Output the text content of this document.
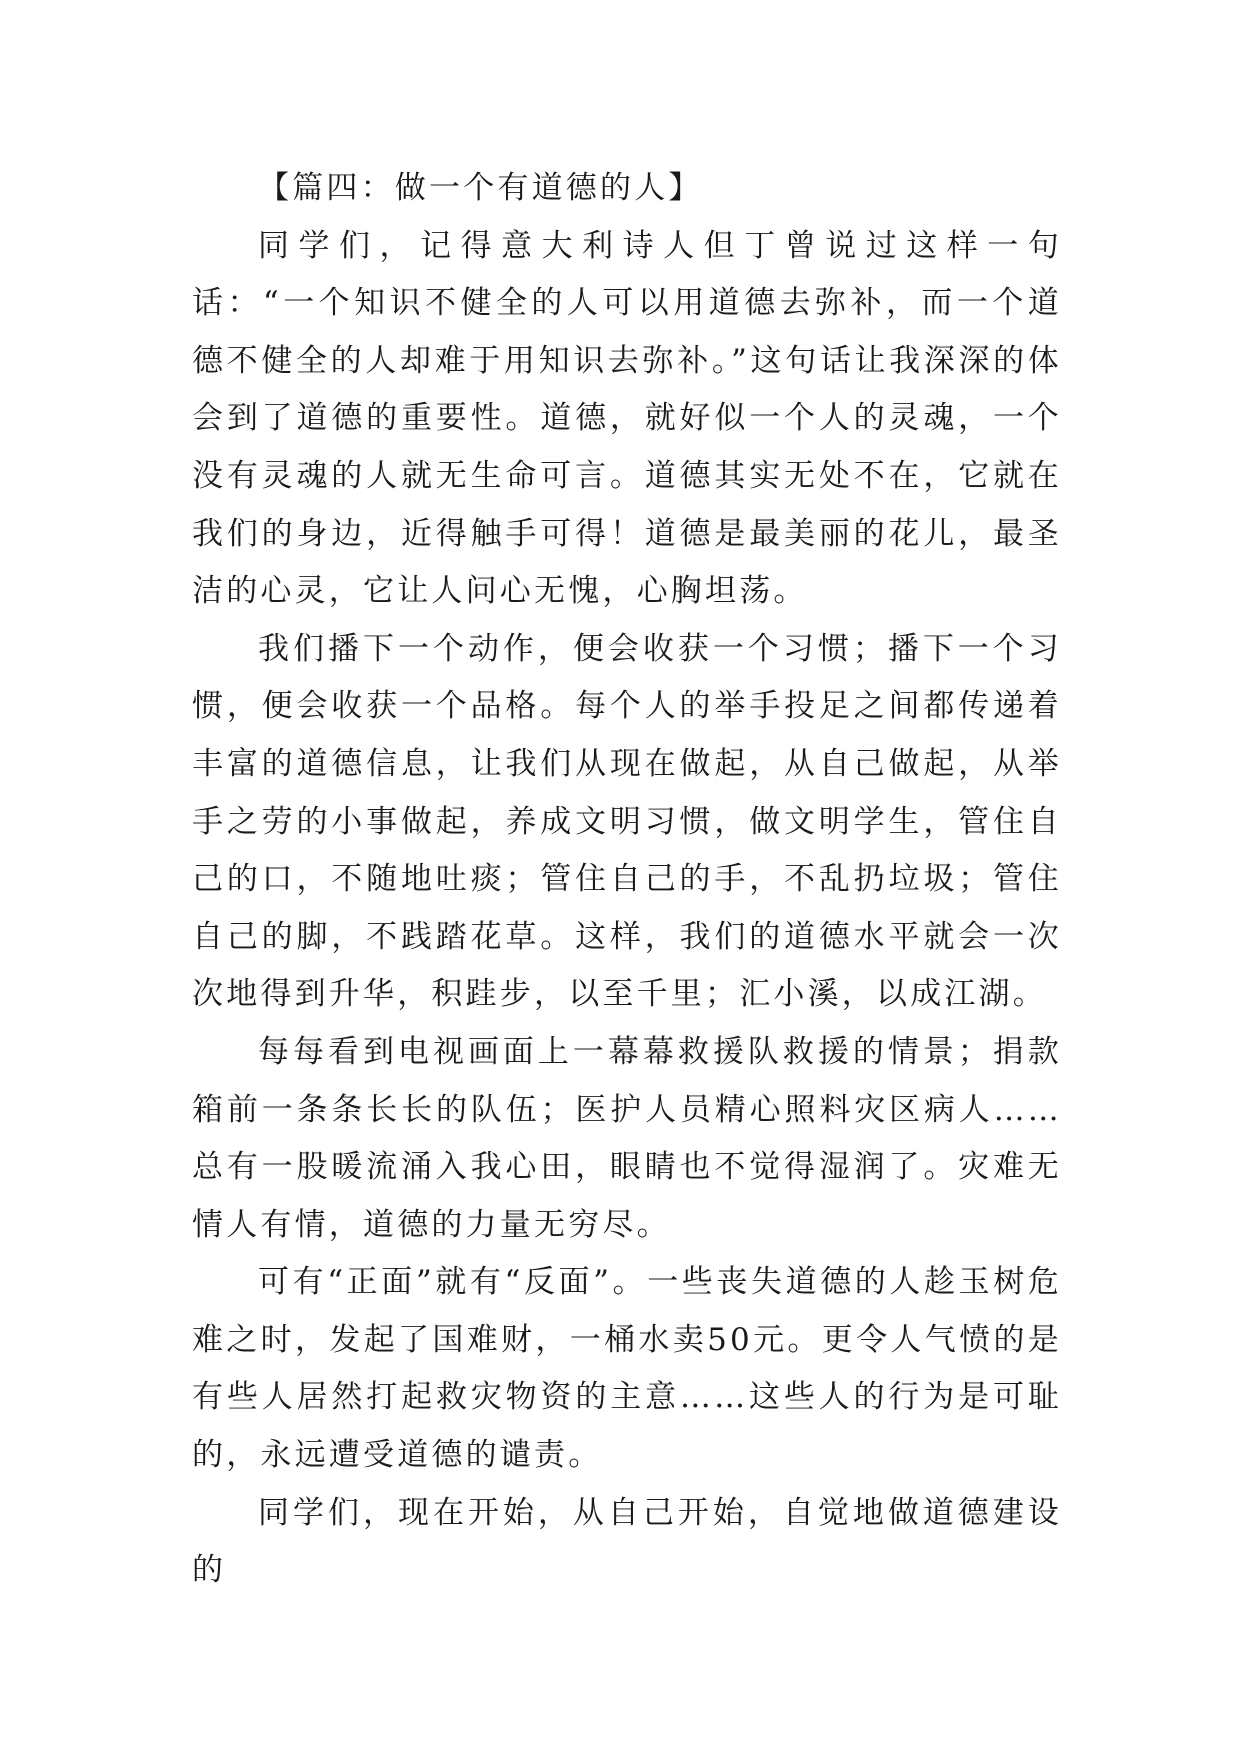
【篇四：做一个有道德的人】

同学们，记得意大利诗人但丁曾说过这样一句话：“一个知识不健全的人可以用道德去弥补，而一个道德不健全的人却难于用知识去弥补。”这句话让我深深的体会到了道德的重要性。道德，就好似一个人的灵魂，一个没有灵魂的人就无生命可言。道德其实无处不在，它就在我们的身边，近得触手可得！道德是最美丽的花儿，最圣洁的心灵，它让人问心无愧，心胸坦荡。

我们播下一个动作，便会收获一个习惯；播下一个习惯，便会收获一个品格。每个人的举手投足之间都传递着丰富的道德信息，让我们从现在做起，从自己做起，从举手之劳的小事做起，养成文明习惯，做文明学生，管住自己的口，不随地吐痰；管住自己的手，不乱扔垃圾；管住自己的脚，不践踏花草。这样，我们的道德水平就会一次次地得到升华，积跬步，以至千里；汇小溪，以成江湖。

每每看到电视画面上一幕幕救援队救援的情景；捐款箱前一条条长长的队伍；医护人员精心照料灾区病人……总有一股暖流涌入我心田，眼睛也不觉得湿润了。灾难无情人有情，道德的力量无穷尽。

可有“正面”就有“反面”。一些丧失道德的人趁玉树危难之时，发起了国难财，一桶水卖50元。更令人气愤的是有些人居然打起救灾物资的主意……这些人的行为是可耻的，永远遭受道德的谴责。

同学们，现在开始，从自己开始，自觉地做道德建设的
